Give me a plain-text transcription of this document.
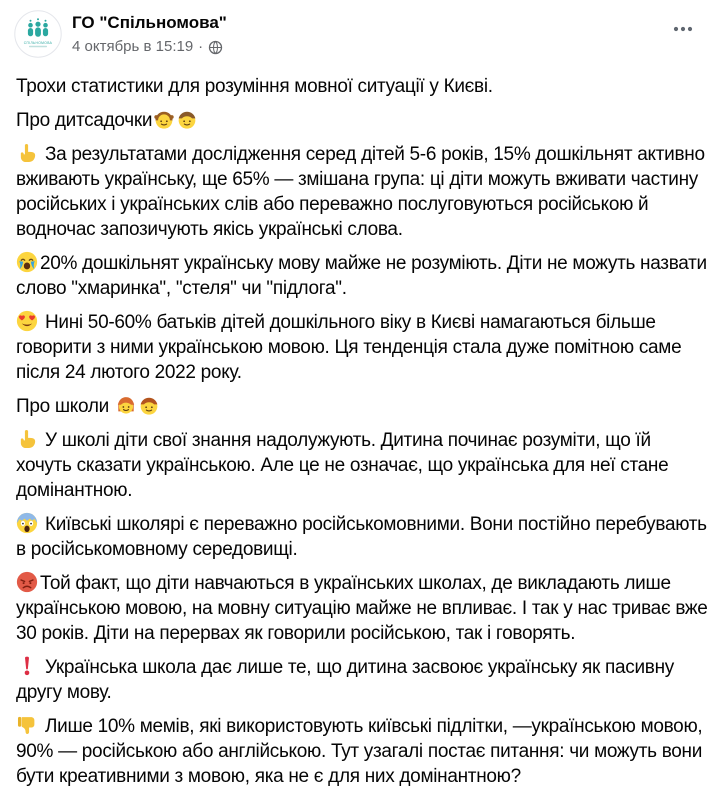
СПІЛЬНОМОВА
ГО "Спільномова"
4 октябрь в 15:19 ·

Трохи статистики для розуміння мовної ситуації у Києві.

Про дитсадочки

За результатами дослідження серед дітей 5-6 років, 15% дошкільнят активно вживають українську, ще 65% — змішана група: ці діти можуть вживати частину російських і українських слів або переважно послуговуються російською й водночас запозичують якісь українські слова.

20% дошкільнят українську мову майже не розуміють. Діти не можуть назвати слово "хмаринка", "стеля" чи "підлога".

Нині 50-60% батьків дітей дошкільного віку в Києві намагаються більше говорити з ними українською мовою. Ця тенденція стала дуже помітною саме після 24 лютого 2022 року.

Про школи

У школі діти свої знання надолужують. Дитина починає розуміти, що їй хочуть сказати українською. Але це не означає, що українська для неї стане домінантною.

Київські школярі є переважно російськомовними. Вони постійно перебувають в російськомовному середовищі.

Той факт, що діти навчаються в українських школах, де викладають лише українською мовою, на мовну ситуацію майже не впливає. І так у нас триває вже 30 років. Діти на перервах як говорили російською, так і говорять.

Українська школа дає лише те, що дитина засвоює українську як пасивну другу мову.

Лише 10% мемів, які використовують київські підлітки, —українською мовою, 90% — російською або англійською. Тут узагалі постає питання: чи можуть вони бути креативними з мовою, яка не є для них домінантною?
